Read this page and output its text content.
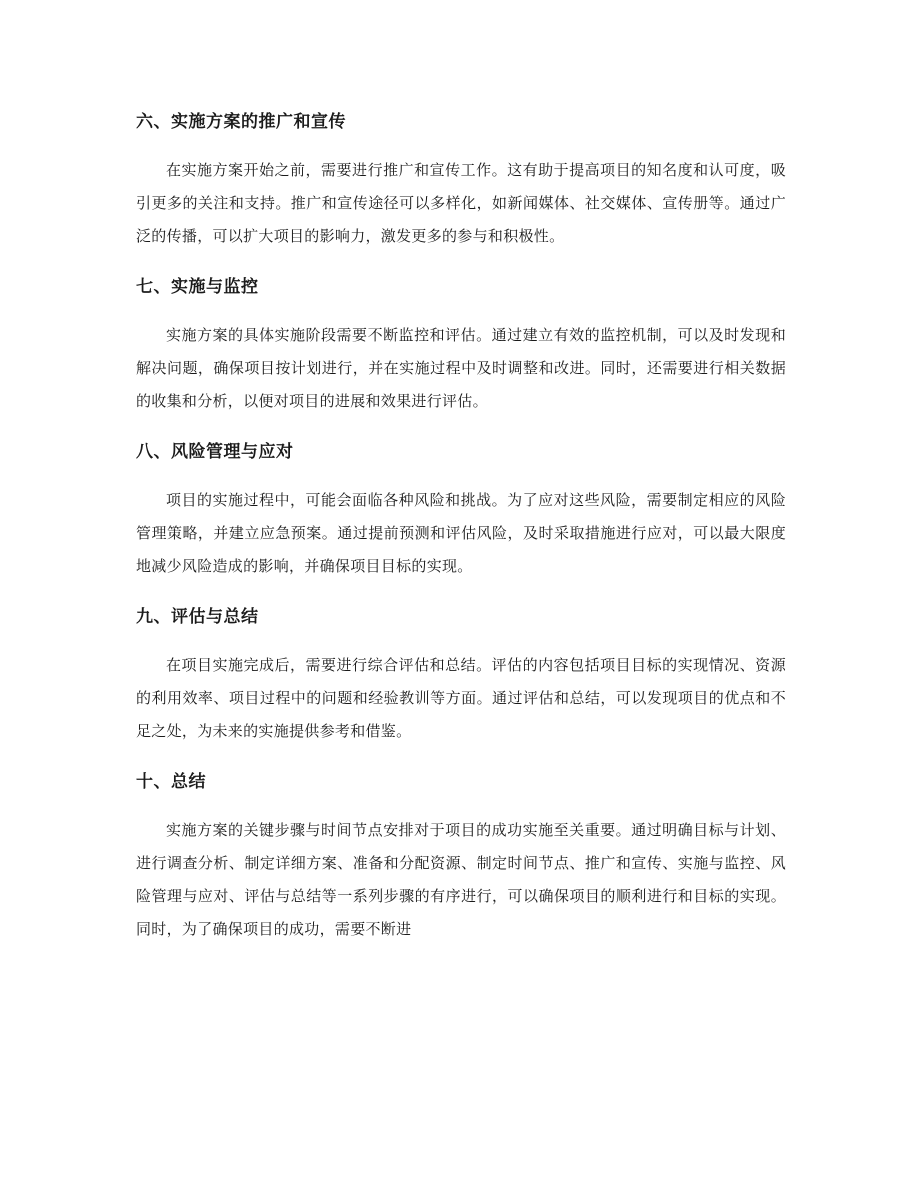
六、实施方案的推广和宣传

在实施方案开始之前，需要进行推广和宣传工作。这有助于提高项目的知名度和认可度，吸引更多的关注和支持。推广和宣传途径可以多样化，如新闻媒体、社交媒体、宣传册等。通过广泛的传播，可以扩大项目的影响力，激发更多的参与和积极性。

七、实施与监控

实施方案的具体实施阶段需要不断监控和评估。通过建立有效的监控机制，可以及时发现和解决问题，确保项目按计划进行，并在实施过程中及时调整和改进。同时，还需要进行相关数据的收集和分析，以便对项目的进展和效果进行评估。

八、风险管理与应对

项目的实施过程中，可能会面临各种风险和挑战。为了应对这些风险，需要制定相应的风险管理策略，并建立应急预案。通过提前预测和评估风险，及时采取措施进行应对，可以最大限度地减少风险造成的影响，并确保项目目标的实现。

九、评估与总结

在项目实施完成后，需要进行综合评估和总结。评估的内容包括项目目标的实现情况、资源的利用效率、项目过程中的问题和经验教训等方面。通过评估和总结，可以发现项目的优点和不足之处，为未来的实施提供参考和借鉴。

十、总结

实施方案的关键步骤与时间节点安排对于项目的成功实施至关重要。通过明确目标与计划、进行调查分析、制定详细方案、准备和分配资源、制定时间节点、推广和宣传、实施与监控、风险管理与应对、评估与总结等一系列步骤的有序进行，可以确保项目的顺利进行和目标的实现。同时，为了确保项目的成功，需要不断进
